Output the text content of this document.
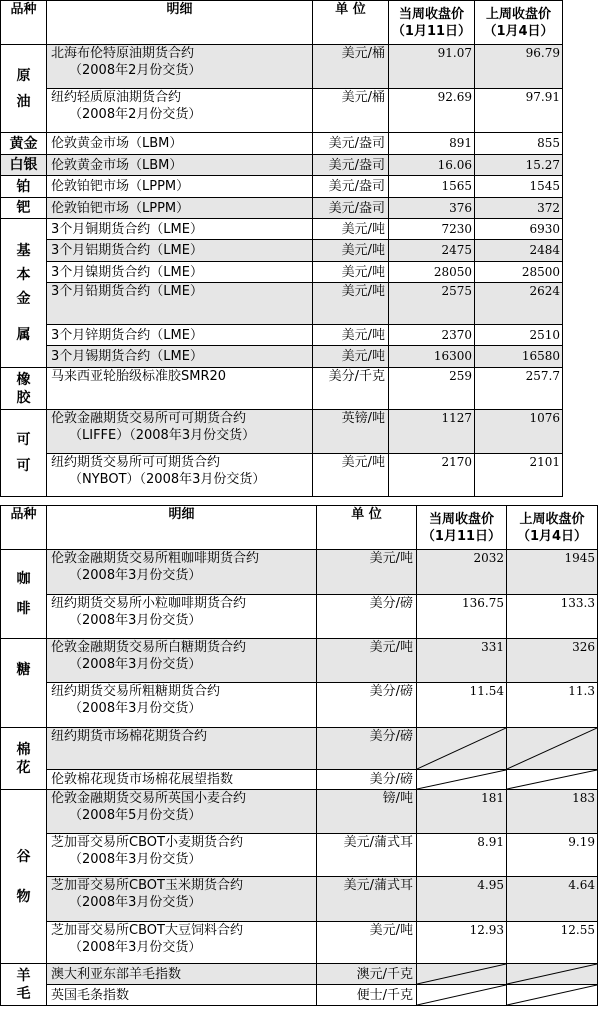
品种	明细	单 位	当周收盘价
（1月11日）	上周收盘价
（1月4日）

原
油	北海布伦特原油期货合约
（2008年2月份交货）	美元/桶	91.07	96.79

	纽约轻质原油期货合约
（2008年2月份交货）	美元/桶	92.69	97.91
黄金	伦敦黄金市场（LBM）	美元/盎司	891	855
白银	伦敦黄金市场（LBM）	美元/盎司	16.06	15.27
铂	伦敦铂钯市场（LPPM）	美元/盎司	1565	1545
钯	伦敦铂钯市场（LPPM）	美元/盎司	376	372

基
本
金
属	3个月铜期货合约（LME）	美元/吨	7230	6930
	3个月铝期货合约（LME）	美元/吨	2475	2484
	3个月镍期货合约（LME）	美元/吨	28050	28500
	3个月铅期货合约（LME）	美元/吨	2575	2624
	3个月锌期货合约（LME）	美元/吨	2370	2510
	3个月锡期货合约（LME）	美元/吨	16300	16580

橡
胶	马来西亚轮胎级标准胶SMR20	美分/千克	259	257.7

可
可	伦敦金融期货交易所可可期货合约
（LIFFE）（2008年3月份交货）	英镑/吨	1127	1076

	纽约期货交易所可可期货合约
（NYBOT）（2008年3月份交货）	美元/吨	2170	2101
品种	明细	单 位	当周收盘价
（1月11日）	上周收盘价
（1月4日）

咖
啡	伦敦金融期货交易所粗咖啡期货合约
（2008年3月份交货）	美元/吨	2032	1945

	纽约期货交易所小粒咖啡期货合约
（2008年3月份交货）	美分/磅	136.75	133.3
糖	伦敦金融期货交易所白糖期货合约
（2008年3月份交货）	美元/吨	331	326

	纽约期货交易所粗糖期货合约
（2008年3月份交货）	美分/磅	11.54	11.3

棉
花	纽约期货市场棉花期货合约	美分/磅	

	伦敦棉花现货市场棉花展望指数	美分/磅	

谷
物	伦敦金融期货交易所英国小麦合约
（2008年5月份交货）	镑/吨	181	183

	芝加哥交易所CBOT小麦期货合约
（2008年3月份交货）	美元/蒲式耳	8.91	9.19

	芝加哥交易所CBOT玉米期货合约
（2008年3月份交货）	美元/蒲式耳	4.95	4.64

	芝加哥交易所CBOT大豆饲料合约
（2008年3月份交货）	美元/吨	12.93	12.55

羊
毛	澳大利亚东部羊毛指数	澳元/千克	

	英国毛条指数	便士/千克	
